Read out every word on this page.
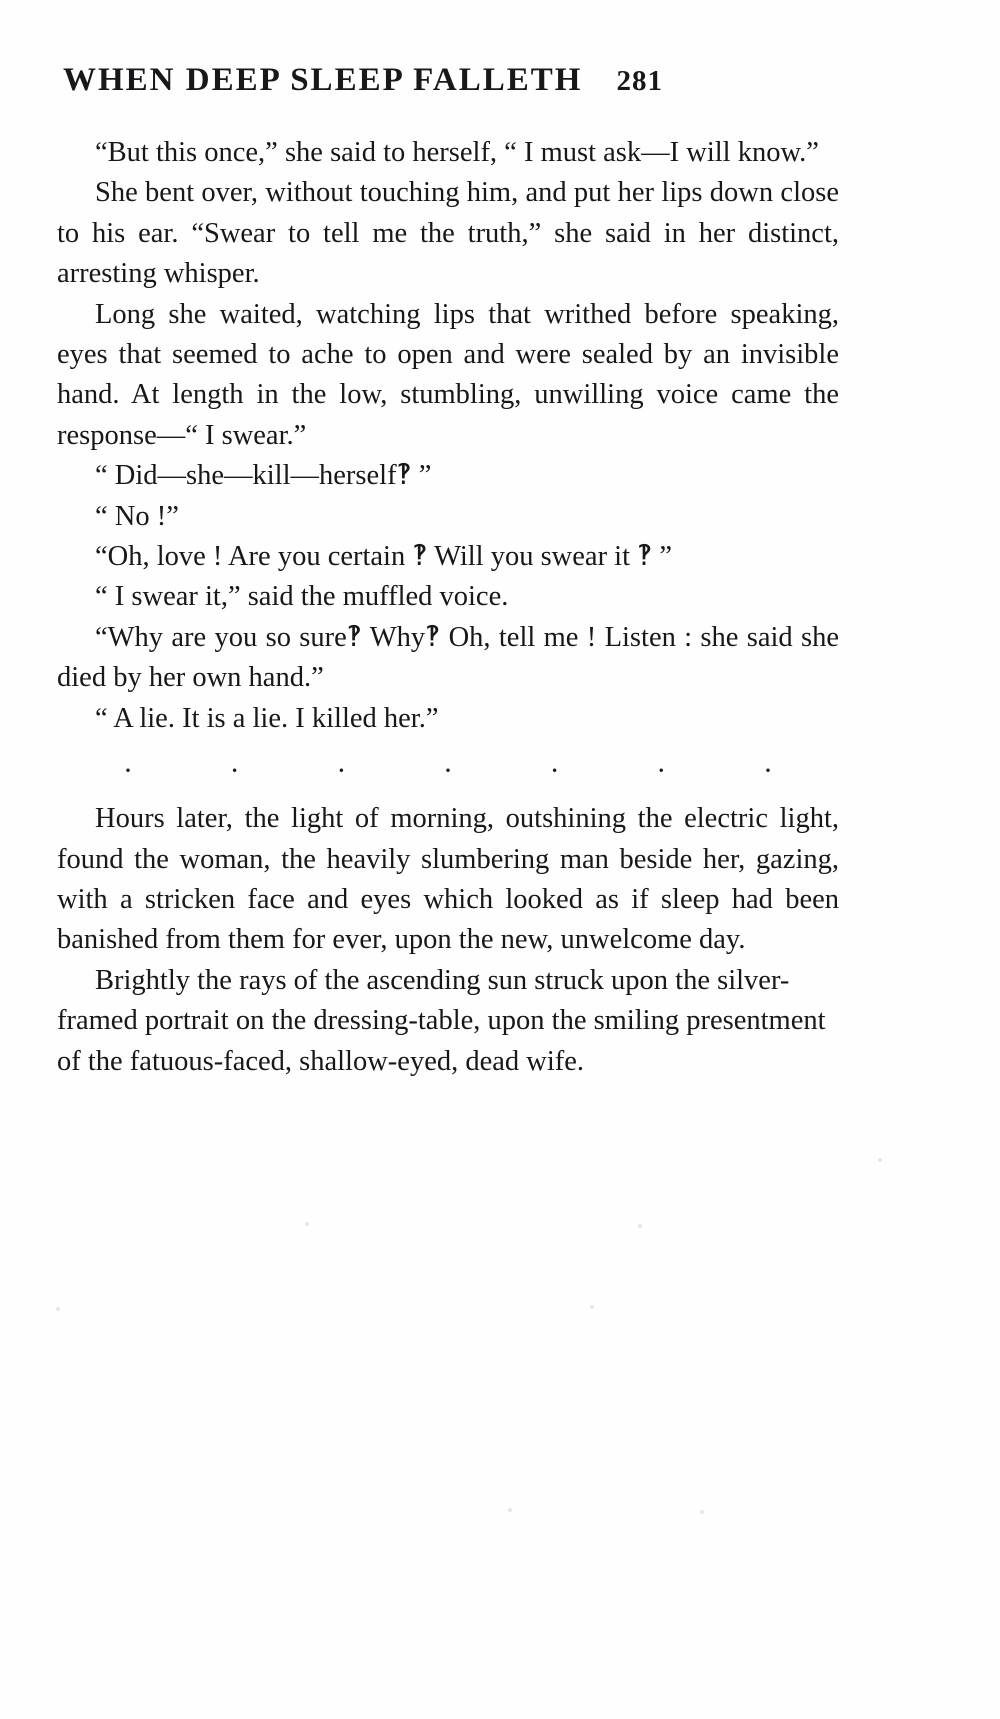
WHEN DEEP SLEEP FALLETH 281

“But this once,” she said to herself, “ I must ask—I will know.”

She bent over, without touching him, and put her lips down close to his ear. “Swear to tell me the truth,” she said in her distinct, arresting whisper.

Long she waited, watching lips that writhed before speaking, eyes that seemed to ache to open and were sealed by an invisible hand. At length in the low, stumbling, unwilling voice came the response—“ I swear.”

“ Did—she—kill—herself‽ ”

“ No !”

“Oh, love ! Are you certain ‽ Will you swear it ‽ ”

“ I swear it,” said the muffled voice.

“Why are you so sure‽ Why‽ Oh, tell me ! Listen : she said she died by her own hand.”

“ A lie. It is a lie. I killed her.”

·	·	·	·	·	·	·

Hours later, the light of morning, outshining the electric light, found the woman, the heavily slumbering man beside her, gazing, with a stricken face and eyes which looked as if sleep had been banished from them for ever, upon the new, unwelcome day.

Brightly the rays of the ascending sun struck upon the silver-framed portrait on the dressing-table, upon the smiling presentment of the fatuous-faced, shallow-eyed, dead wife.
